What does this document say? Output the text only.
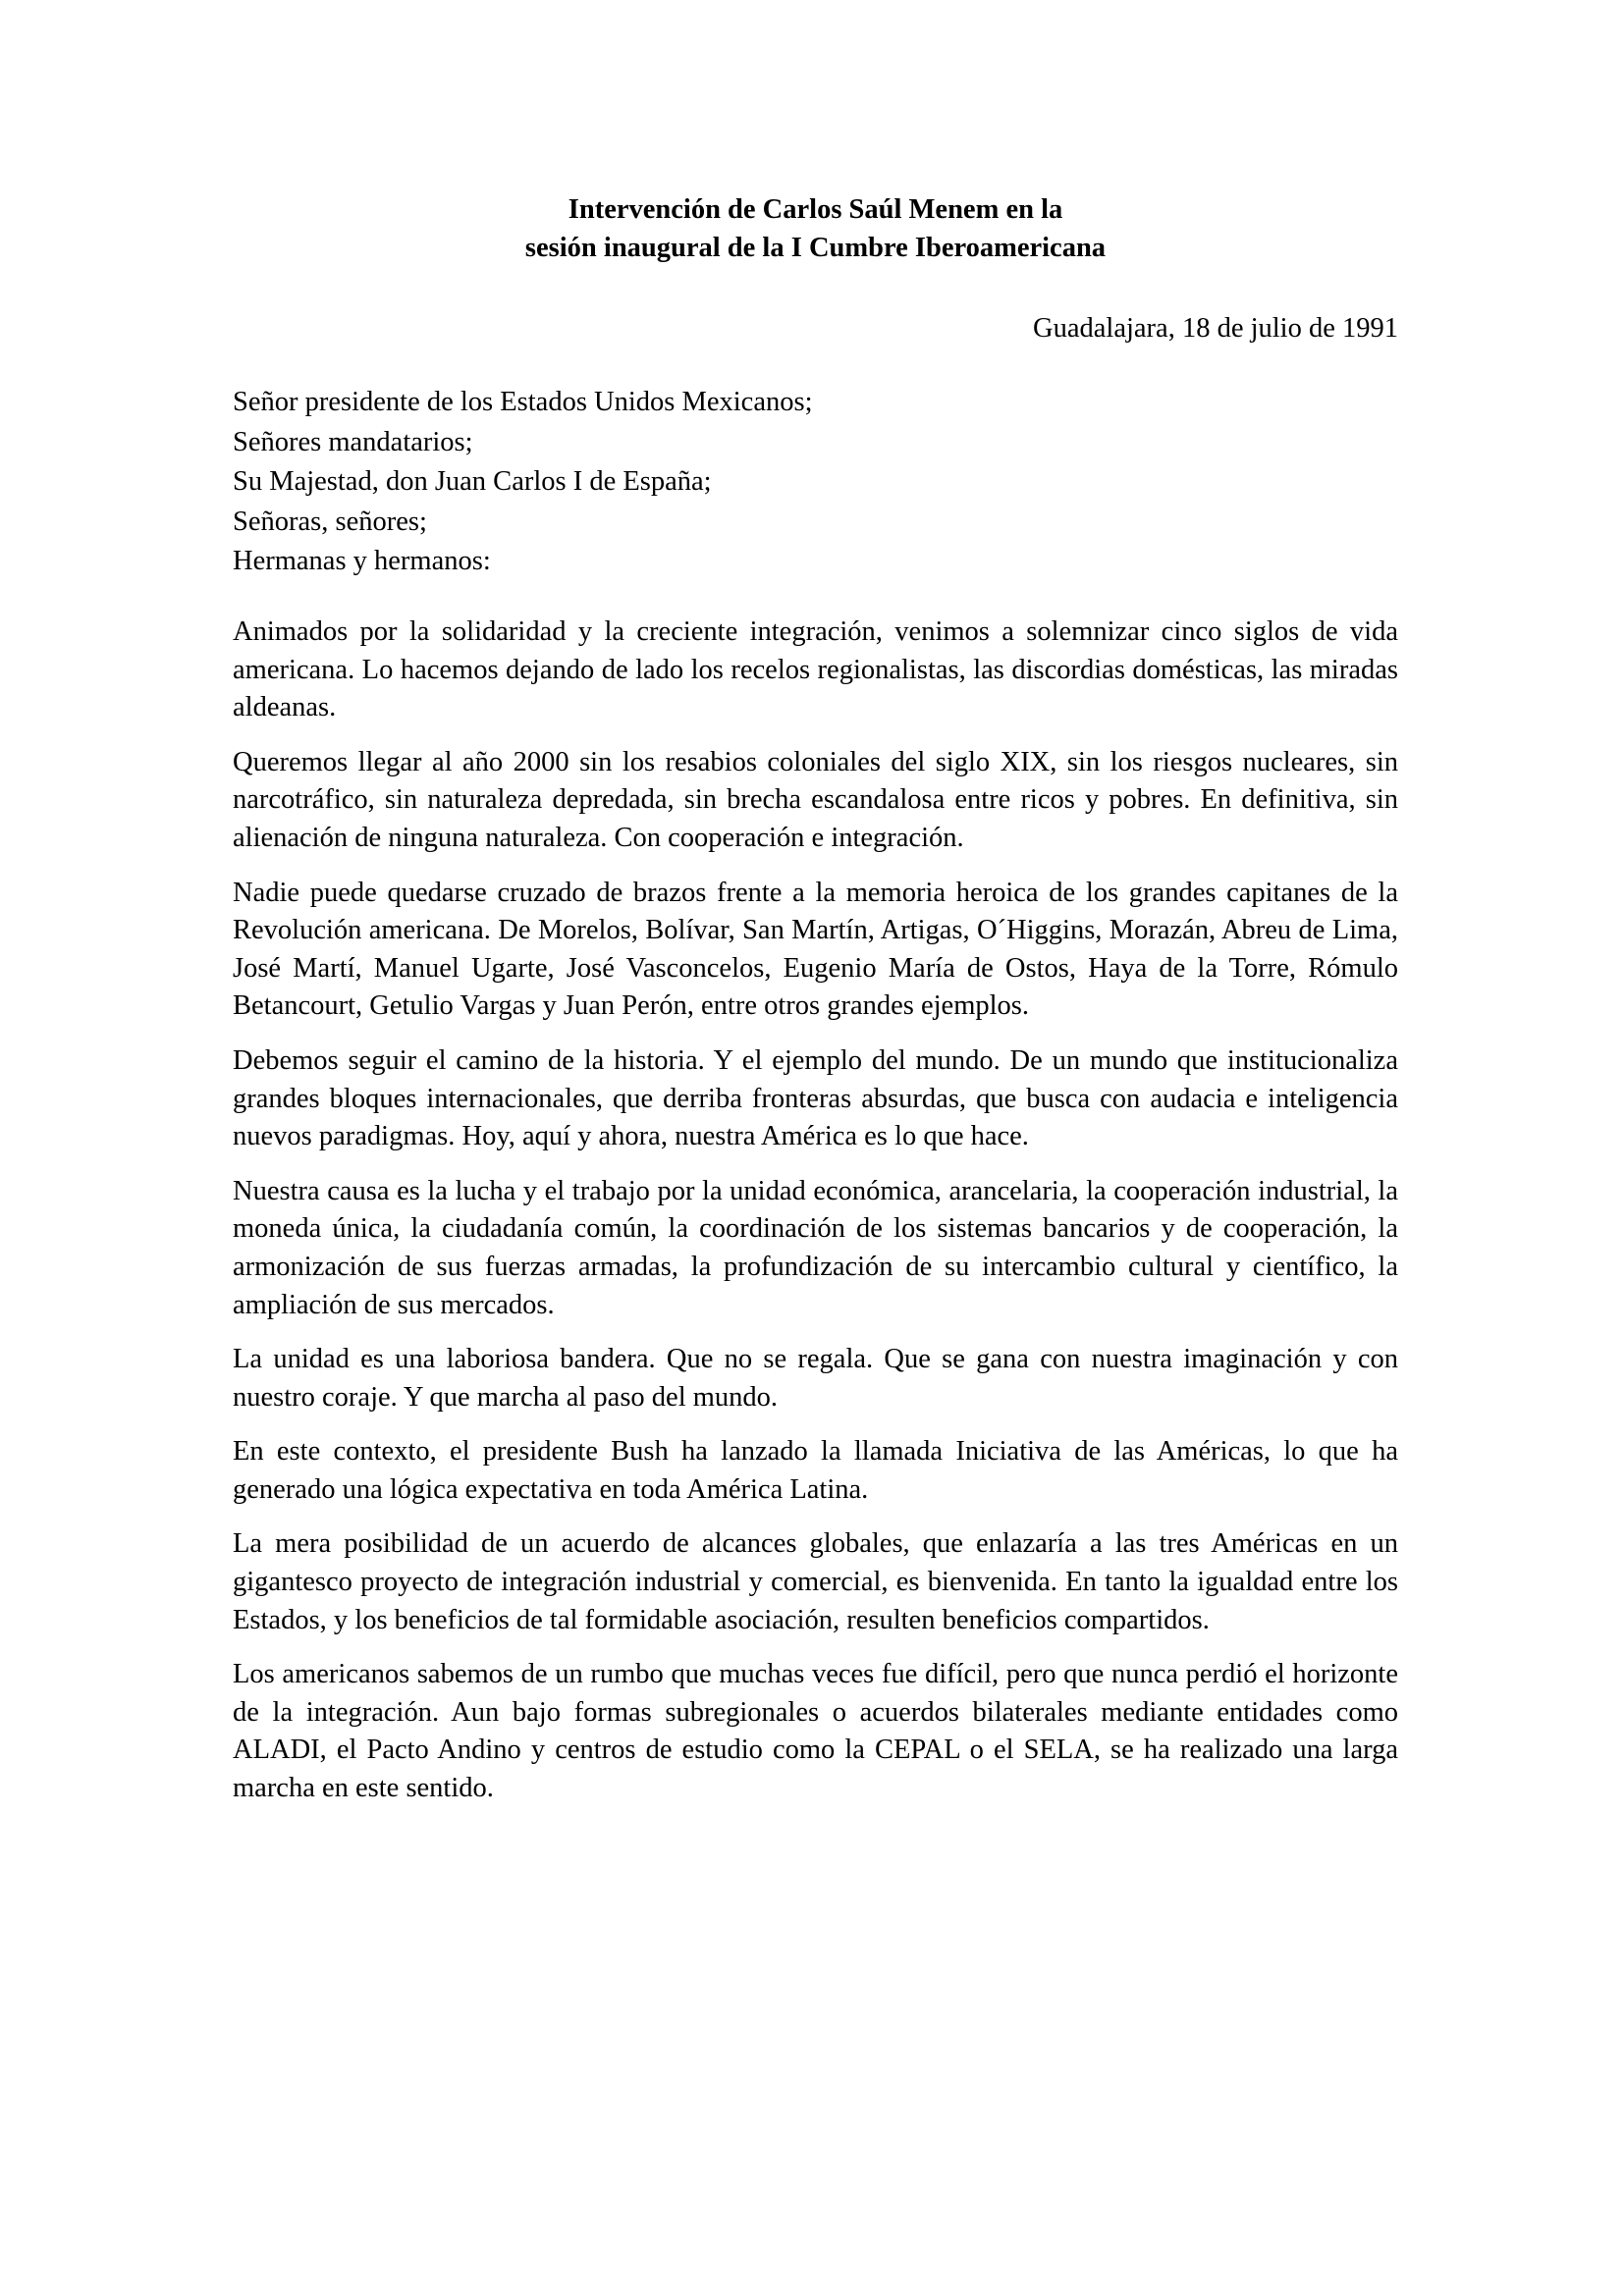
Intervención de Carlos Saúl Menem en la
sesión inaugural de la I Cumbre Iberoamericana
Guadalajara, 18 de julio de 1991
Señor presidente de los Estados Unidos Mexicanos;
Señores mandatarios;
Su Majestad, don Juan Carlos I de España;
Señoras, señores;
Hermanas y hermanos:

Animados por la solidaridad y la creciente integración, venimos a solemnizar cinco siglos de vida americana. Lo hacemos dejando de lado los recelos regionalistas, las discordias domésticas, las miradas aldeanas.

Queremos llegar al año 2000 sin los resabios coloniales del siglo XIX, sin los riesgos nucleares, sin narcotráfico, sin naturaleza depredada, sin brecha escandalosa entre ricos y pobres. En definitiva, sin alienación de ninguna naturaleza. Con cooperación e integración.

Nadie puede quedarse cruzado de brazos frente a la memoria heroica de los grandes capitanes de la Revolución americana. De Morelos, Bolívar, San Martín, Artigas, O´Higgins, Morazán, Abreu de Lima, José Martí, Manuel Ugarte, José Vasconcelos, Eugenio María de Ostos, Haya de la Torre, Rómulo Betancourt, Getulio Vargas y Juan Perón, entre otros grandes ejemplos.

Debemos seguir el camino de la historia. Y el ejemplo del mundo. De un mundo que institucionaliza grandes bloques internacionales, que derriba fronteras absurdas, que busca con audacia e inteligencia nuevos paradigmas. Hoy, aquí y ahora, nuestra América es lo que hace.

Nuestra causa es la lucha y el trabajo por la unidad económica, arancelaria, la cooperación industrial, la moneda única, la ciudadanía común, la coordinación de los sistemas bancarios y de cooperación, la armonización de sus fuerzas armadas, la profundización de su intercambio cultural y científico, la ampliación de sus mercados.

La unidad es una laboriosa bandera. Que no se regala. Que se gana con nuestra imaginación y con nuestro coraje. Y que marcha al paso del mundo.

En este contexto, el presidente Bush ha lanzado la llamada Iniciativa de las Américas, lo que ha generado una lógica expectativa en toda América Latina.

La mera posibilidad de un acuerdo de alcances globales, que enlazaría a las tres Américas en un gigantesco proyecto de integración industrial y comercial, es bienvenida. En tanto la igualdad entre los Estados, y los beneficios de tal formidable asociación, resulten beneficios compartidos.

Los americanos sabemos de un rumbo que muchas veces fue difícil, pero que nunca perdió el horizonte de la integración. Aun bajo formas subregionales o acuerdos bilaterales mediante entidades como ALADI, el Pacto Andino y centros de estudio como la CEPAL o el SELA, se ha realizado una larga marcha en este sentido.
